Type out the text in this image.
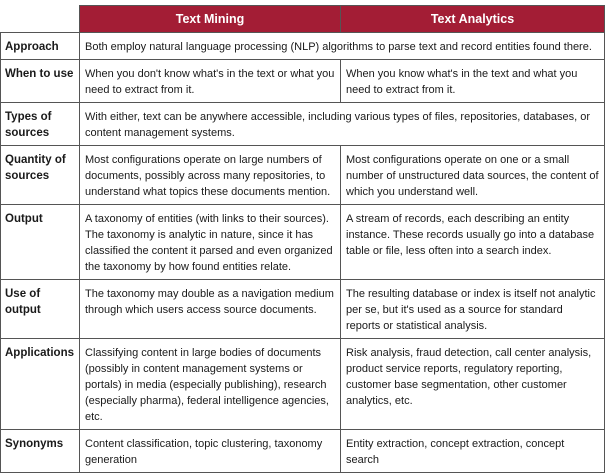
	Text Mining	Text Analytics
Approach	Both employ natural language processing (NLP) algorithms to parse text and record entities found there.	
When to use	When you don't know what's in the text or what you need to extract from it.	When you know what's in the text and what you need to extract from it.
Types of sources	With either, text can be anywhere accessible, including various types of files, repositories, databases, or content management systems.	
Quantity of sources	Most configurations operate on large numbers of documents, possibly across many repositories, to understand what topics these documents mention.	Most configurations operate on one or a small number of unstructured data sources, the content of which you understand well.
Output	A taxonomy of entities (with links to their sources). The taxonomy is analytic in nature, since it has classified the content it parsed and even organized the taxonomy by how found entities relate.	A stream of records, each describing an entity instance. These records usually go into a database table or file, less often into a search index.
Use of output	The taxonomy may double as a navigation medium through which users access source documents.	The resulting database or index is itself not analytic per se, but it's used as a source for standard reports or statistical analysis.
Applications	Classifying content in large bodies of documents (possibly in content management systems or portals) in media (especially publishing), research (especially pharma), federal intelligence agencies, etc.	Risk analysis, fraud detection, call center analysis, product service reports, regulatory reporting, customer base segmentation, other customer analytics, etc.
Synonyms	Content classification, topic clustering, taxonomy generation	Entity extraction, concept extraction, concept search
